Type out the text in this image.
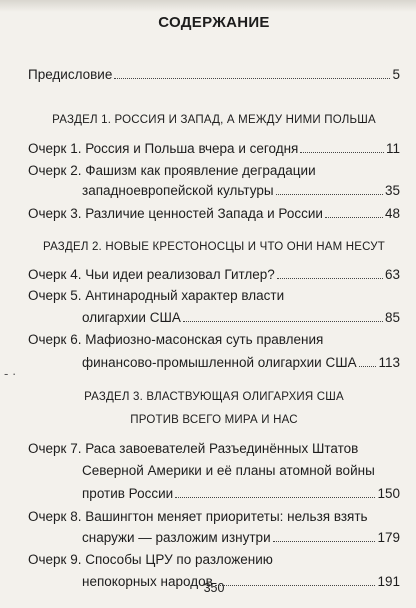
- ·
СОДЕРЖАНИЕ
Предисловие	5
РАЗДЕЛ 1. РОССИЯ И ЗАПАД, А МЕЖДУ НИМИ ПОЛЬША
Очерк 1. Россия и Польша вчера и сегодня	11
Очерк 2. Фашизм как проявление деградации
западноевропейской культуры	35
Очерк 3. Различие ценностей Запада и России	48
РАЗДЕЛ 2. НОВЫЕ КРЕСТОНОСЦЫ И ЧТО ОНИ НАМ НЕСУТ
Очерк 4. Чьи идеи реализовал Гитлер?	63
Очерк 5. Антинародный характер власти
олигархии США	85
Очерк 6. Мафиозно-масонская суть правления
финансово-промышленной олигархии США 113
РАЗДЕЛ 3. ВЛАСТВУЮЩАЯ ОЛИГАРХИЯ США
ПРОТИВ ВСЕГО МИРА И НАС
Очерк 7. Раса завоевателей Разъединённых Штатов
Северной Америки и её планы атомной войны
против России	150
Очерк 8. Вашингтон меняет приоритеты: нельзя взять
снаружи — разложим изнутри	179
Очерк 9. Способы ЦРУ по разложению
непокорных народов	191
350
